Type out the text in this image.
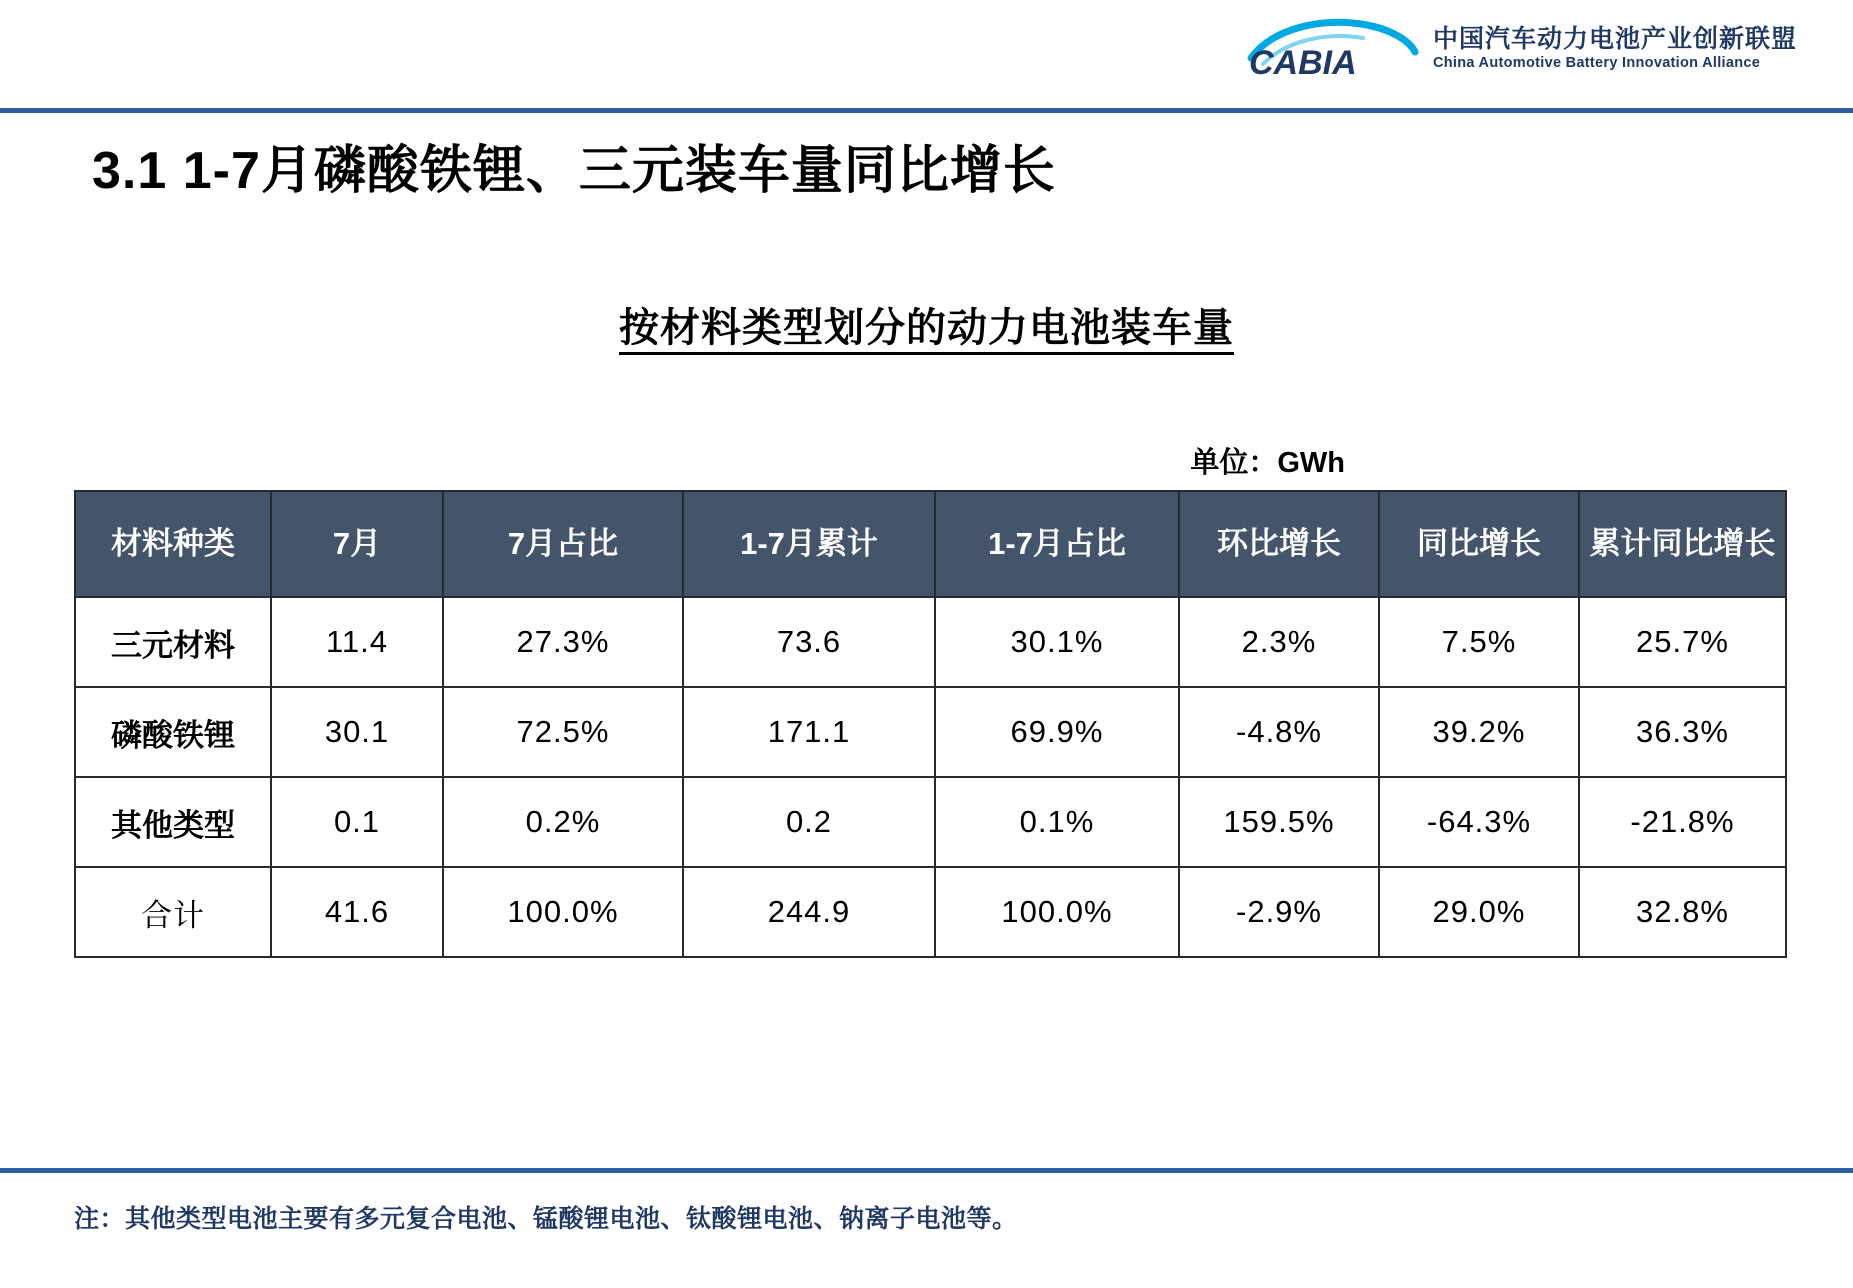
CABIA
中国汽车动力电池产业创新联盟
China Automotive Battery Innovation Alliance
3.1 1-7月磷酸铁锂、三元装车量同比增长
按材料类型划分的动力电池装车量
单位：GWh
材料种类	7月	7月占比	1-7月累计	1-7月占比	环比增长	同比增长	累计同比增长
三元材料	11.4	27.3%	73.6	30.1%	2.3%	7.5%	25.7%
磷酸铁锂	30.1	72.5%	171.1	69.9%	-4.8%	39.2%	36.3%
其他类型	0.1	0.2%	0.2	0.1%	159.5%	-64.3%	-21.8%
合计	41.6	100.0%	244.9	100.0%	-2.9%	29.0%	32.8%
注：其他类型电池主要有多元复合电池、锰酸锂电池、钛酸锂电池、钠离子电池等。
